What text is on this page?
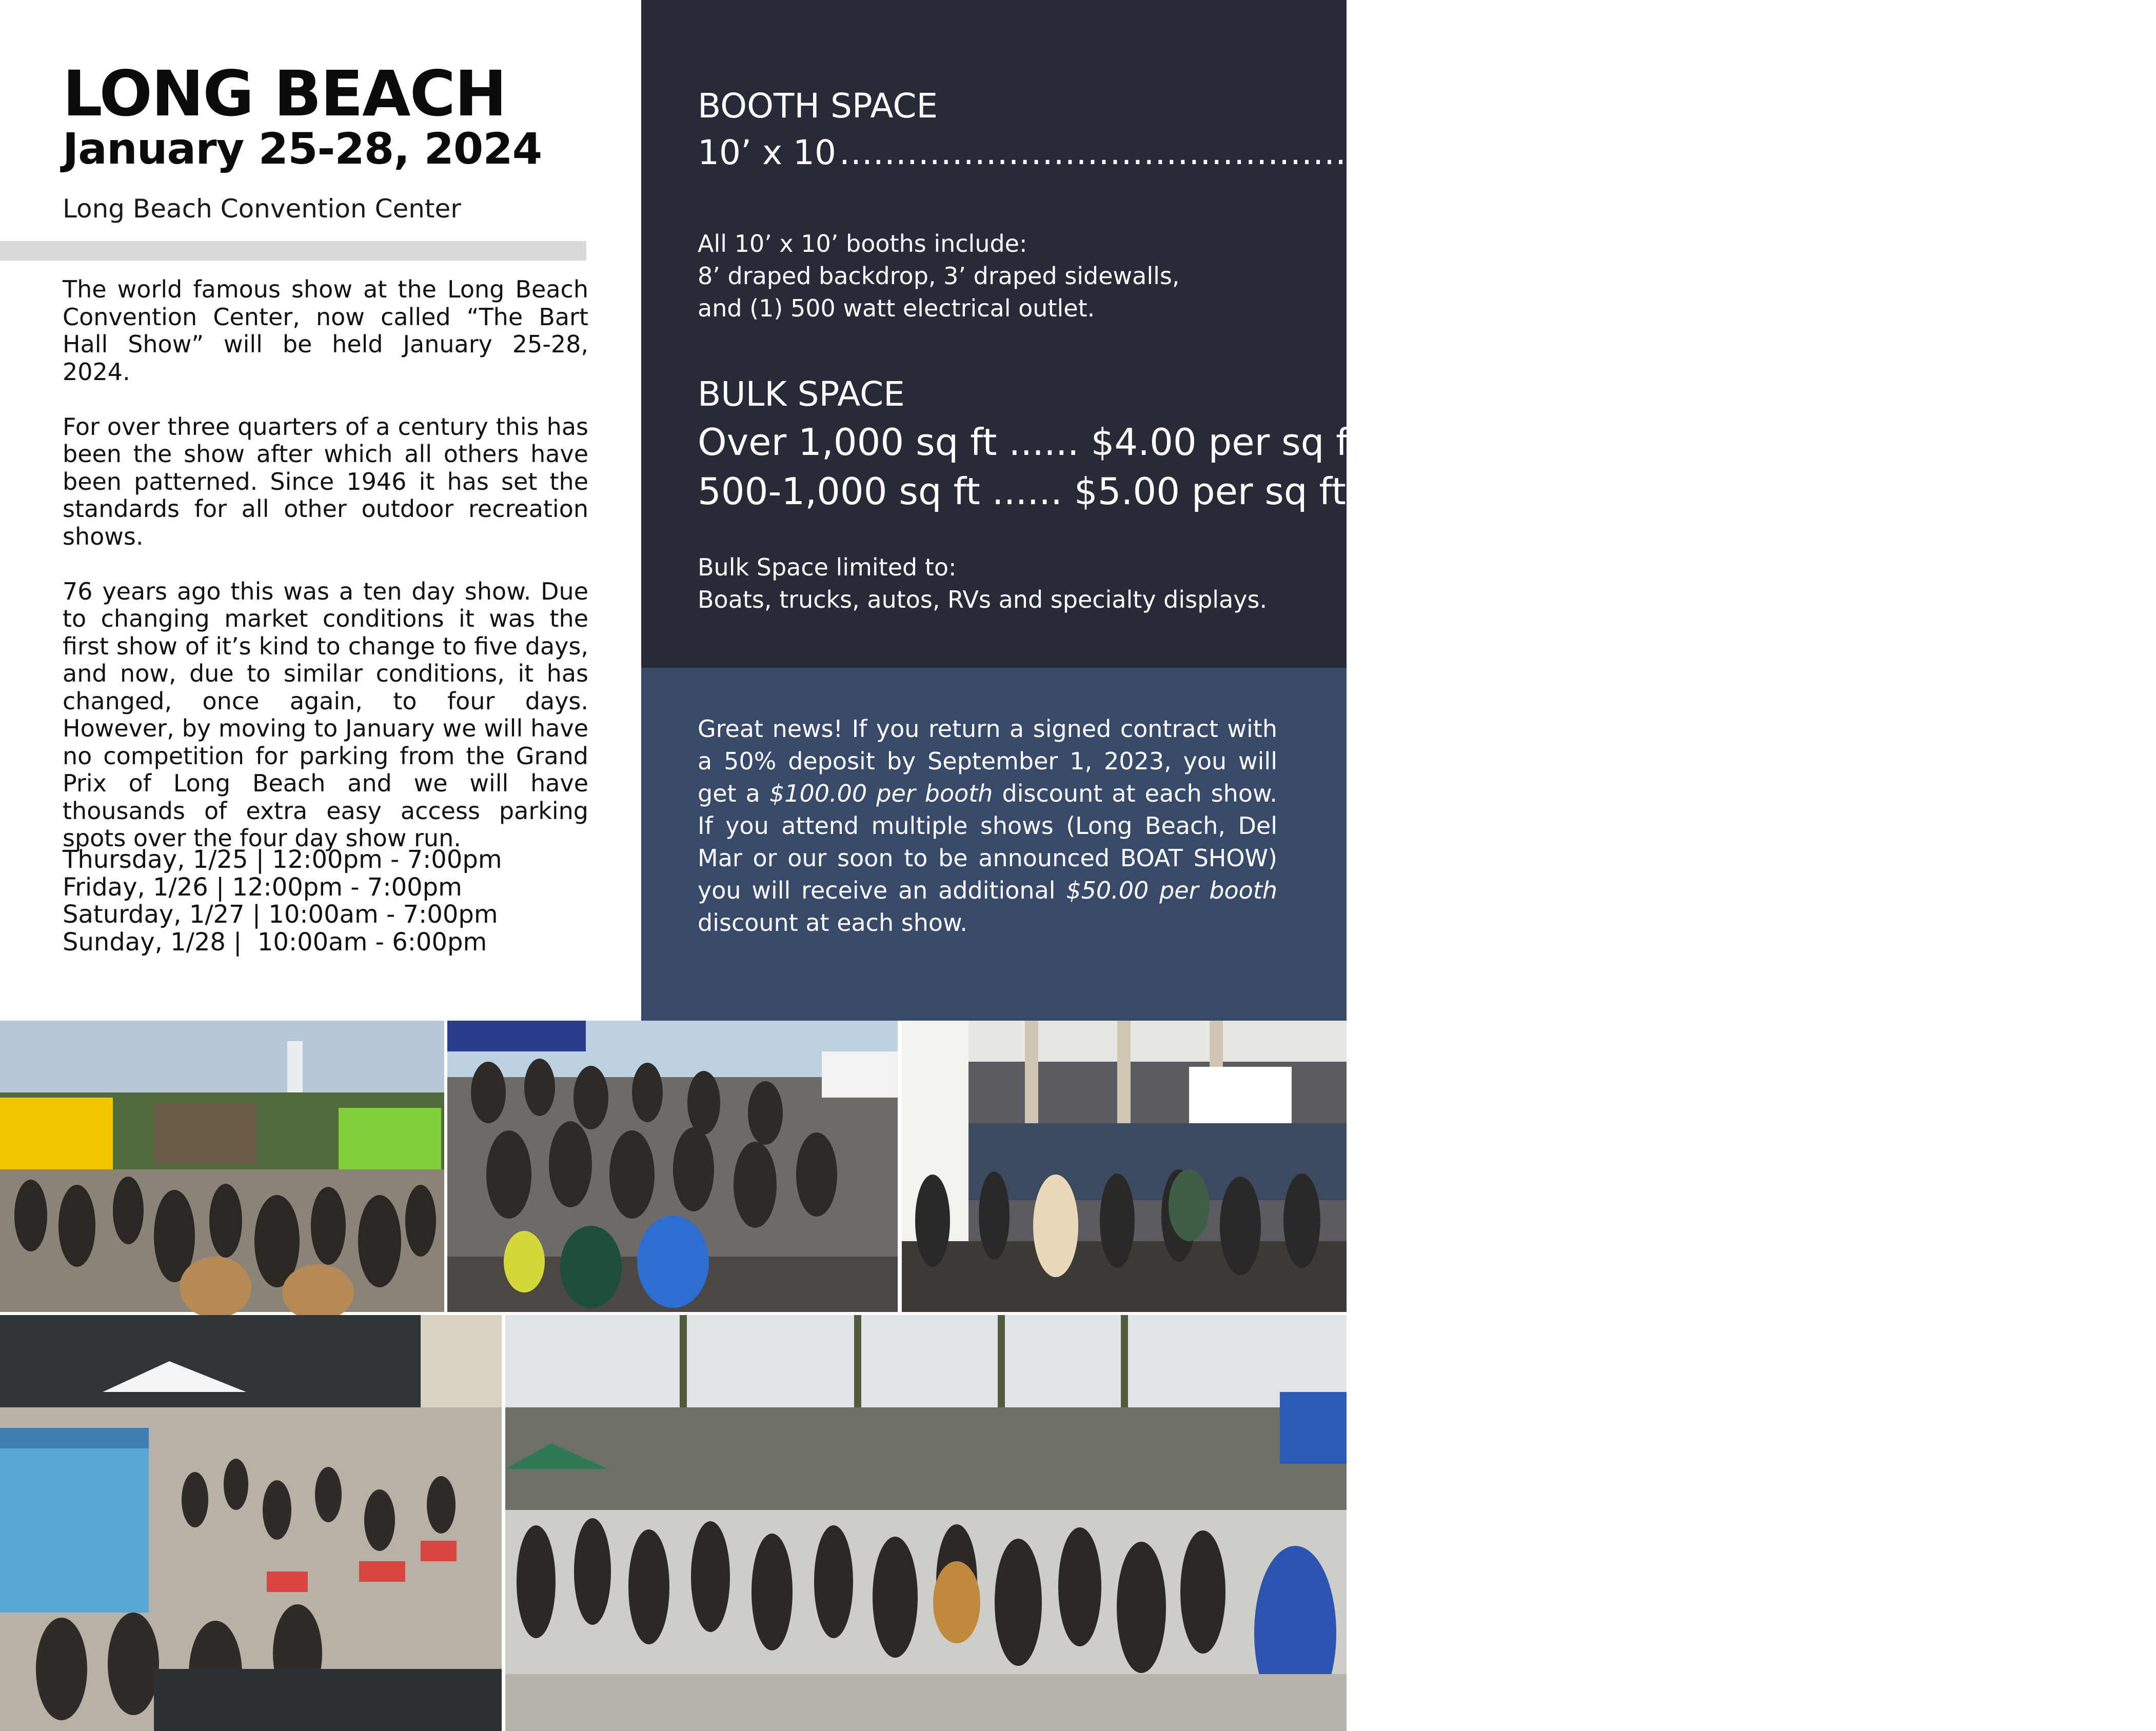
LONG BEACH
January 25-28, 2024
Long Beach Convention Center

The world famous show at the Long Beach Convention Center, now called “The Bart Hall Show” will be held January 25-28, 2024.

For over three quarters of a century this has been the show after which all others have been patterned. Since 1946 it has set the standards for all other outdoor recreation shows.

76 years ago this was a ten day show. Due to changing market conditions it was the first show of it’s kind to change to five days, and now, due to similar conditions, it has changed, once again, to four days. However, by moving to January we will have no competition for parking from the Grand Prix of Long Beach and we will have thousands of extra easy access parking spots over the four day show run.

Thursday, 1/25 | 12:00pm - 7:00pm
Friday, 1/26 | 12:00pm - 7:00pm
Saturday, 1/27 | 10:00am - 7:00pm
Sunday, 1/28 |  10:00am - 6:00pm
BOOTH SPACE
10’ x 10 .......................................................................................................... $1,500
All 10’ x 10’ booths include:
8’ draped backdrop, 3’ draped sidewalls,
and (1) 500 watt electrical outlet.
BULK SPACE
Over 1,000 sq ft ...... $4.00 per sq ft
500-1,000 sq ft ...... $5.00 per sq ft
Bulk Space limited to:
Boats, trucks, autos, RVs and specialty displays.
Great news! If you return a signed contract with a 50% deposit by September 1, 2023, you will get a $100.00 per booth discount at each show. If you attend multiple shows (Long Beach, Del Mar or our soon to be announced BOAT SHOW) you will receive an additional $50.00 per booth discount at each show.
